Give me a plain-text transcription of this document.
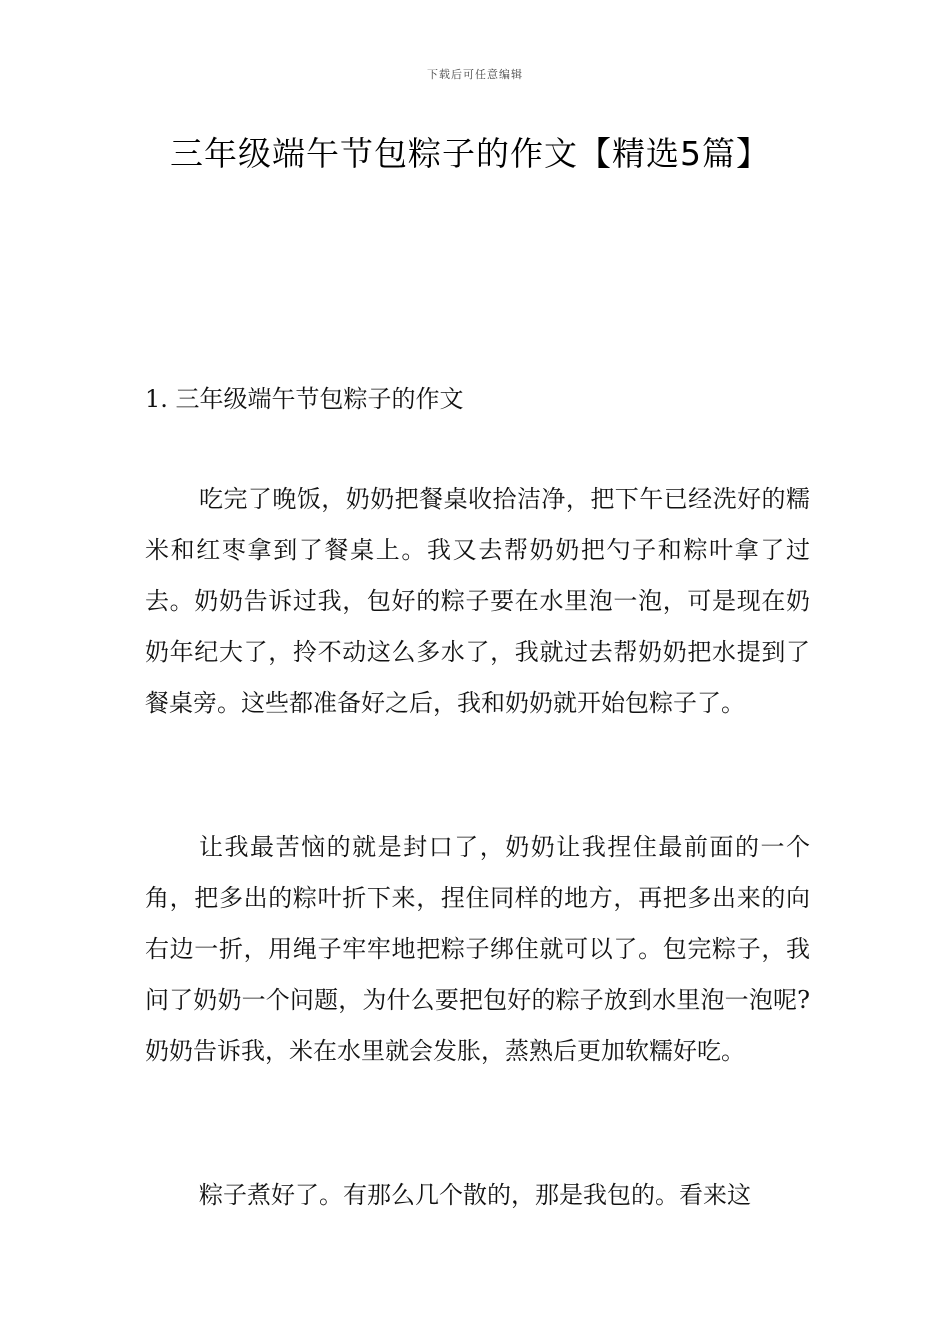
下载后可任意编辑
三年级端午节包粽子的作文【精选5篇】
1. 三年级端午节包粽子的作文

吃完了晚饭，奶奶把餐桌收拾洁净，把下午已经洗好的糯米和红枣拿到了餐桌上。我又去帮奶奶把勺子和粽叶拿了过去。奶奶告诉过我，包好的粽子要在水里泡一泡，可是现在奶奶年纪大了，拎不动这么多水了，我就过去帮奶奶把水提到了餐桌旁。这些都准备好之后，我和奶奶就开始包粽子了。

让我最苦恼的就是封口了，奶奶让我捏住最前面的一个角，把多出的粽叶折下来，捏住同样的地方，再把多出来的向右边一折，用绳子牢牢地把粽子绑住就可以了。包完粽子，我问了奶奶一个问题，为什么要把包好的粽子放到水里泡一泡呢?奶奶告诉我，米在水里就会发胀，蒸熟后更加软糯好吃。

粽子煮好了。有那么几个散的，那是我包的。看来这
